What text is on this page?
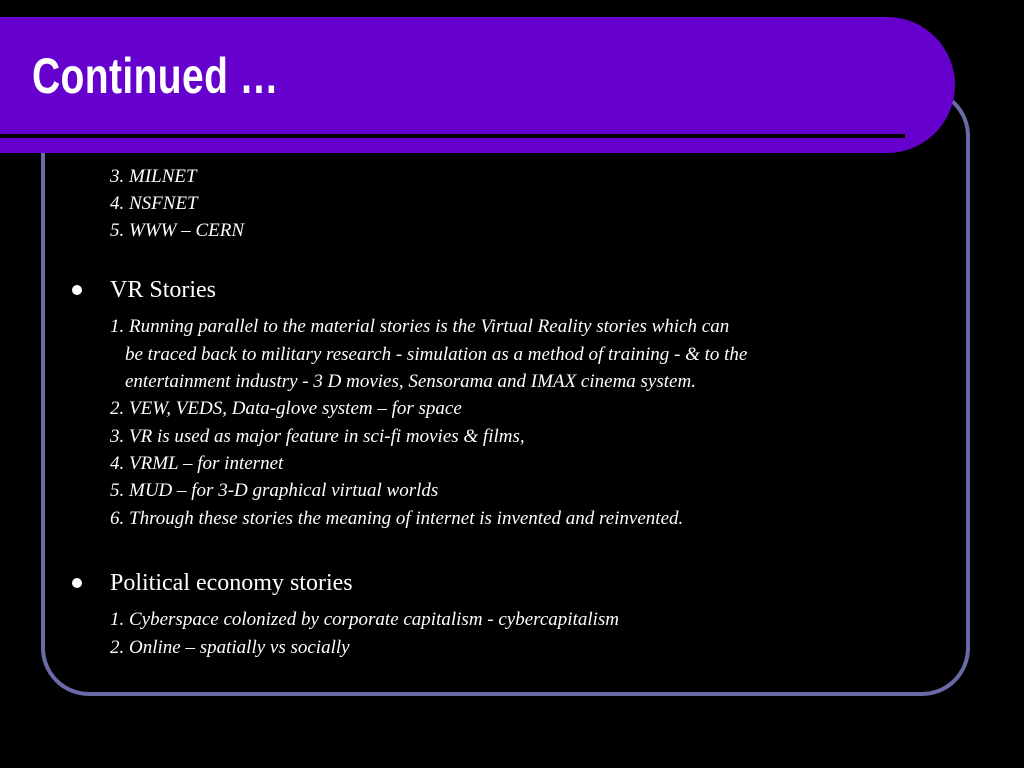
Continued …
3. MILNET
4. NSFNET
5. WWW – CERN
VR Stories
1. Running parallel to the material stories is the Virtual Reality stories which can
be traced back to military research - simulation as a method of training - & to the
entertainment industry - 3 D movies, Sensorama and IMAX cinema system.
2. VEW, VEDS, Data-glove system – for space
3. VR is used as major feature in sci-fi movies & films,
4. VRML – for internet
5. MUD – for 3-D graphical virtual worlds
6. Through these stories the meaning of internet is invented and reinvented.
Political economy stories
1. Cyberspace colonized by corporate capitalism - cybercapitalism
2. Online – spatially vs socially
